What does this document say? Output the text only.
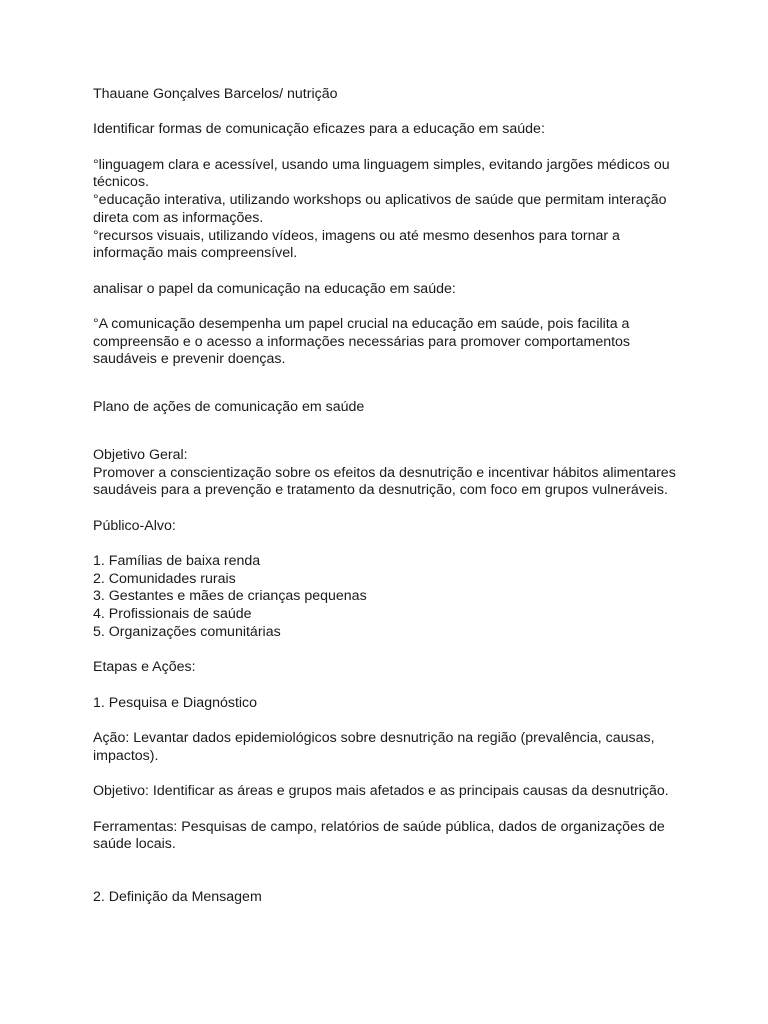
Thauane Gonçalves Barcelos/ nutrição

Identificar formas de comunicação eficazes para a educação em saúde:

°linguagem clara e acessível, usando uma linguagem simples, evitando jargões médicos ou técnicos.

°educação interativa, utilizando workshops ou aplicativos de saúde que permitam interação direta com as informações.

°recursos visuais, utilizando vídeos, imagens ou até mesmo desenhos para tornar a informação mais compreensível.

analisar o papel da comunicação na educação em saúde:

°A comunicação desempenha um papel crucial na educação em saúde, pois facilita a compreensão e o acesso a informações necessárias para promover comportamentos saudáveis e prevenir doenças.

Plano de ações de comunicação em saúde

Objetivo Geral:

Promover a conscientização sobre os efeitos da desnutrição e incentivar hábitos alimentares saudáveis para a prevenção e tratamento da desnutrição, com foco em grupos vulneráveis.

Público-Alvo:

1. Famílias de baixa renda
2. Comunidades rurais
3. Gestantes e mães de crianças pequenas
4. Profissionais de saúde
5. Organizações comunitárias

Etapas e Ações:

1. Pesquisa e Diagnóstico

Ação: Levantar dados epidemiológicos sobre desnutrição na região (prevalência, causas, impactos).

Objetivo: Identificar as áreas e grupos mais afetados e as principais causas da desnutrição.

Ferramentas: Pesquisas de campo, relatórios de saúde pública, dados de organizações de saúde locais.

2. Definição da Mensagem
